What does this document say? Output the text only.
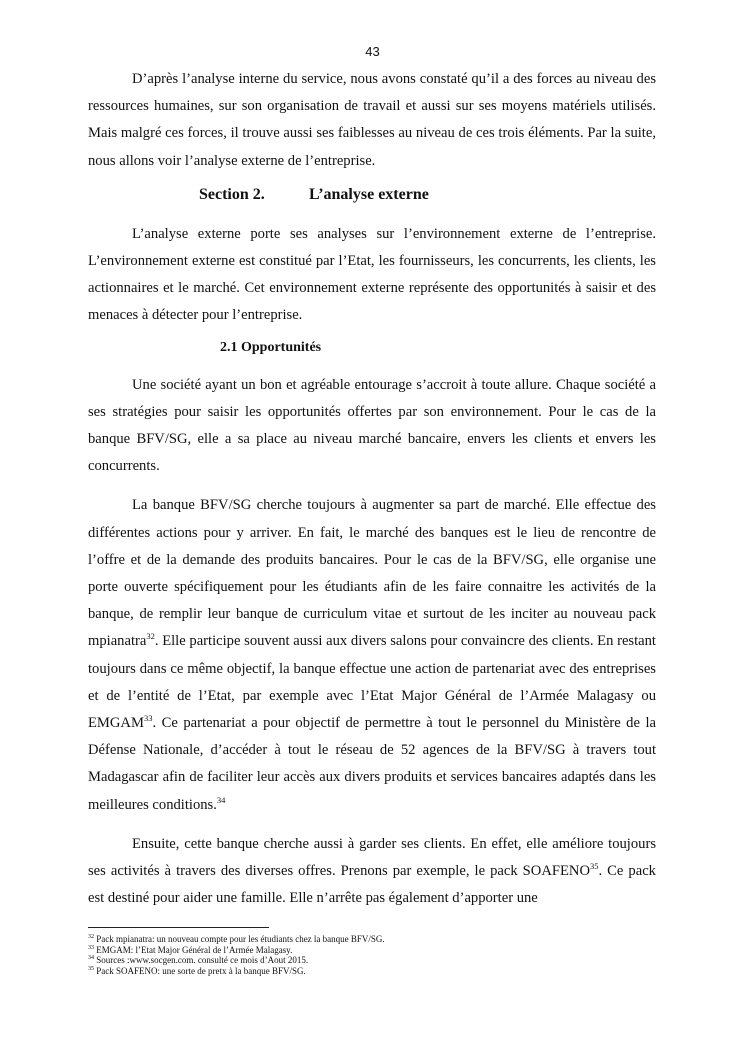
43

D’après l’analyse interne du service, nous avons constaté qu’il a des forces au niveau des ressources humaines, sur son organisation de travail et aussi sur ses moyens matériels utilisés. Mais malgré ces forces, il trouve aussi ses faiblesses au niveau de ces trois éléments. Par la suite, nous allons voir l’analyse externe de l’entreprise.

Section 2.	L’analyse externe

L’analyse externe porte ses analyses sur l’environnement externe de l’entreprise. L’environnement externe est constitué par l’Etat, les fournisseurs, les concurrents, les clients, les actionnaires et le marché. Cet environnement externe représente des opportunités à saisir et des menaces à détecter pour l’entreprise.

2.1 Opportunités

Une société ayant un bon et agréable entourage s’accroit à toute allure. Chaque société a ses stratégies pour saisir les opportunités offertes par son environnement. Pour le cas de la banque BFV/SG, elle a sa place au niveau marché bancaire, envers les clients et envers les concurrents.

La banque BFV/SG cherche toujours à augmenter sa part de marché. Elle effectue des différentes actions pour y arriver. En fait, le marché des banques est le lieu de rencontre de l’offre et de la demande des produits bancaires. Pour le cas de la BFV/SG, elle organise une porte ouverte spécifiquement pour les étudiants afin de les faire connaitre les activités de la banque, de remplir leur banque de curriculum vitae et surtout de les inciter au nouveau pack mpianatra$^{32}$. Elle participe souvent aussi aux divers salons pour convaincre des clients. En restant toujours dans ce même objectif, la banque effectue une action de partenariat avec des entreprises et de l’entité de l’Etat, par exemple avec l’Etat Major Général de l’Armée Malagasy ou EMGAM$^{33}$. Ce partenariat a pour objectif de permettre à tout le personnel du Ministère de la Défense Nationale, d’accéder à tout le réseau de 52 agences de la BFV/SG à travers tout Madagascar afin de faciliter leur accès aux divers produits et services bancaires adaptés dans les meilleures conditions.$^{34}$

Ensuite, cette banque cherche aussi à garder ses clients. En effet, elle améliore toujours ses activités à travers des diverses offres. Prenons par exemple, le pack SOAFENO$^{35}$. Ce pack est destiné pour aider une famille. Elle n’arrête pas également d’apporter une

$^{32}$ Pack mpianatra: un nouveau compte pour les étudiants chez la banque BFV/SG.
$^{33}$ EMGAM: l’Etat Major Général de l’Armée Malagasy.
$^{34}$ Sources :www.socgen.com. consulté ce mois d’Aout 2015.
$^{35}$ Pack SOAFENO: une sorte de pretx à la banque BFV/SG.
